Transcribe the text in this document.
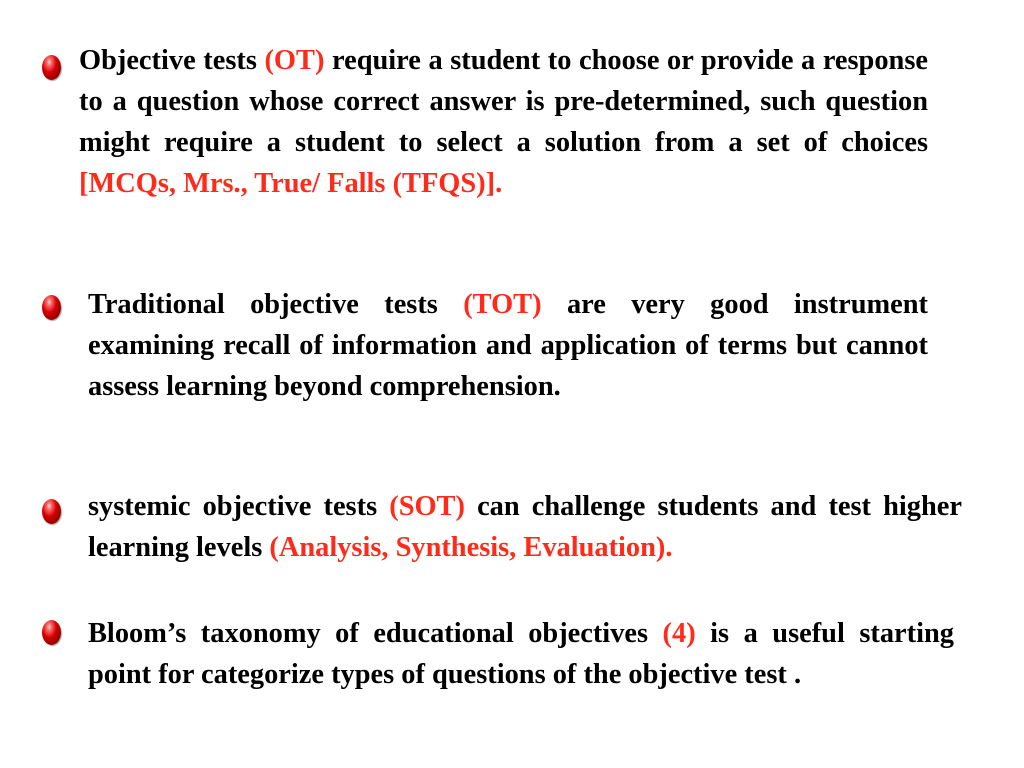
Objective tests (OT) require a student to choose or provide a response to a question whose correct answer is pre-determined, such question might require a student to select a solution from a set of choices [MCQs, Mrs., True/ Falls (TFQS)].

Traditional objective tests (TOT) are very good instrument examining recall of information and application of terms but cannot assess learning beyond comprehension.

systemic objective tests (SOT) can challenge students and test higher learning levels (Analysis, Synthesis, Evaluation).

Bloom’s taxonomy of educational objectives (4) is a useful starting point for categorize types of questions of the objective test .
